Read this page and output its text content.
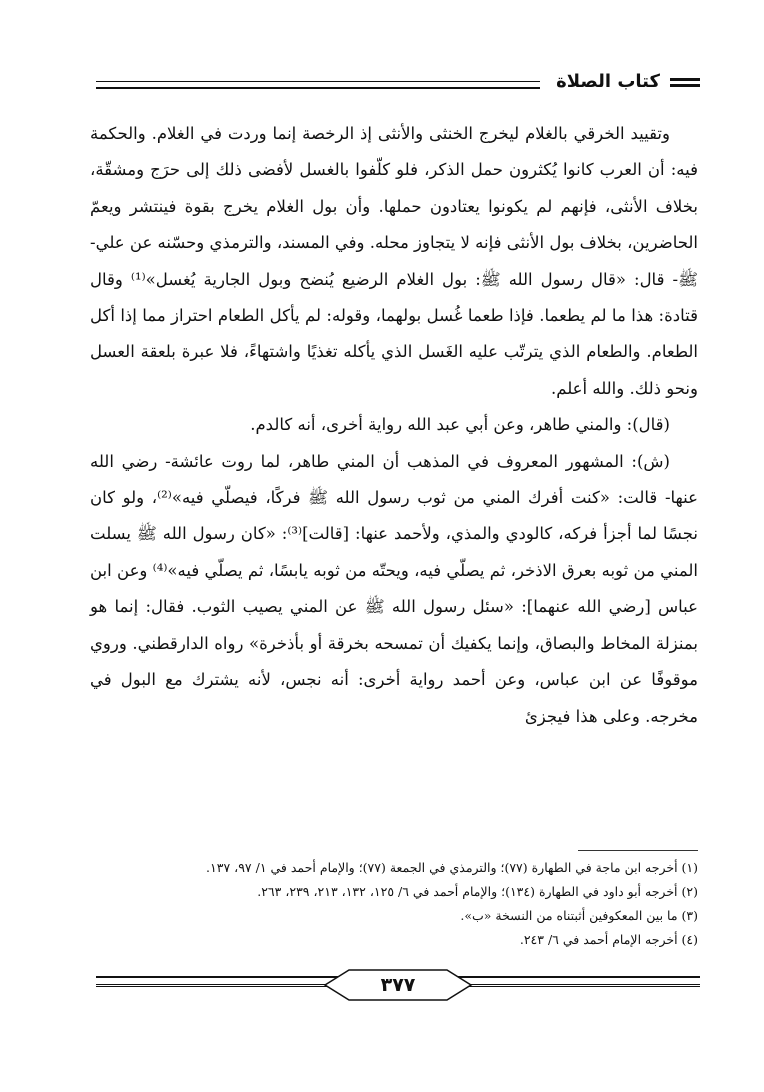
كتاب الصلاة

وتقييد الخرقي بالغلام ليخرج الخنثى والأنثى إذ الرخصة إنما وردت في الغلام. والحكمة فيه: أن العرب كانوا يُكثرون حمل الذكر، فلو كلّفوا بالغسل لأفضى ذلك إلى حرَج ومشقّة، بخلاف الأنثى، فإنهم لم يكونوا يعتادون حملها. وأن بول الغلام يخرج بقوة فينتشر ويعمّ الحاضرين، بخلاف بول الأنثى فإنه لا يتجاوز محله. وفي المسند، والترمذي وحسّنه عن علي- ﷺ- قال: «قال رسول الله ﷺ: بول الغلام الرضيع يُنضح وبول الجارية يُغسل»⁽¹⁾ وقال قتادة: هذا ما لم يطعما. فإذا طعما غُسل بولهما، وقوله: لم يأكل الطعام احتراز مما إذا أكل الطعام. والطعام الذي يترتّب عليه الغَسل الذي يأكله تغذيًا واشتهاءً، فلا عبرة بلعقة العسل ونحو ذلك. والله أعلم.

(قال): والمني طاهر، وعن أبي عبد الله رواية أخرى، أنه كالدم.

(ش): المشهور المعروف في المذهب أن المني طاهر، لما روت عائشة- رضي الله عنها- قالت: «كنت أفرك المني من ثوب رسول الله ﷺ فركًا، فيصلّي فيه»⁽²⁾، ولو كان نجسًا لما أجزأ فركه، كالودي والمذي، ولأحمد عنها: [قالت]⁽³⁾: «كان رسول الله ﷺ يسلت المني من ثوبه بعرق الاذخر، ثم يصلّي فيه، ويحتّه من ثوبه يابسًا، ثم يصلّي فيه»⁽⁴⁾ وعن ابن عباس [رضي الله عنهما]: «سئل رسول الله ﷺ عن المني يصيب الثوب. فقال: إنما هو بمنزلة المخاط والبصاق، وإنما يكفيك أن تمسحه بخرقة أو بأذخرة» رواه الدارقطني. وروي موقوفًا عن ابن عباس، وعن أحمد رواية أخرى: أنه نجس، لأنه يشترك مع البول في مخرجه. وعلى هذا فيجزئ

(١) أخرجه ابن ماجة في الطهارة (٧٧)؛ والترمذي في الجمعة (٧٧)؛ والإمام أحمد في ١/ ٩٧، ١٣٧.

(٢) أخرجه أبو داود في الطهارة (١٣٤)؛ والإمام أحمد في ٦/ ١٢٥، ١٣٢، ٢١٣، ٢٣٩، ٢٦٣.

(٣) ما بين المعكوفين أثبتناه من النسخة «ب».

(٤) أخرجه الإمام أحمد في ٦/ ٢٤٣.

٣٧٧
